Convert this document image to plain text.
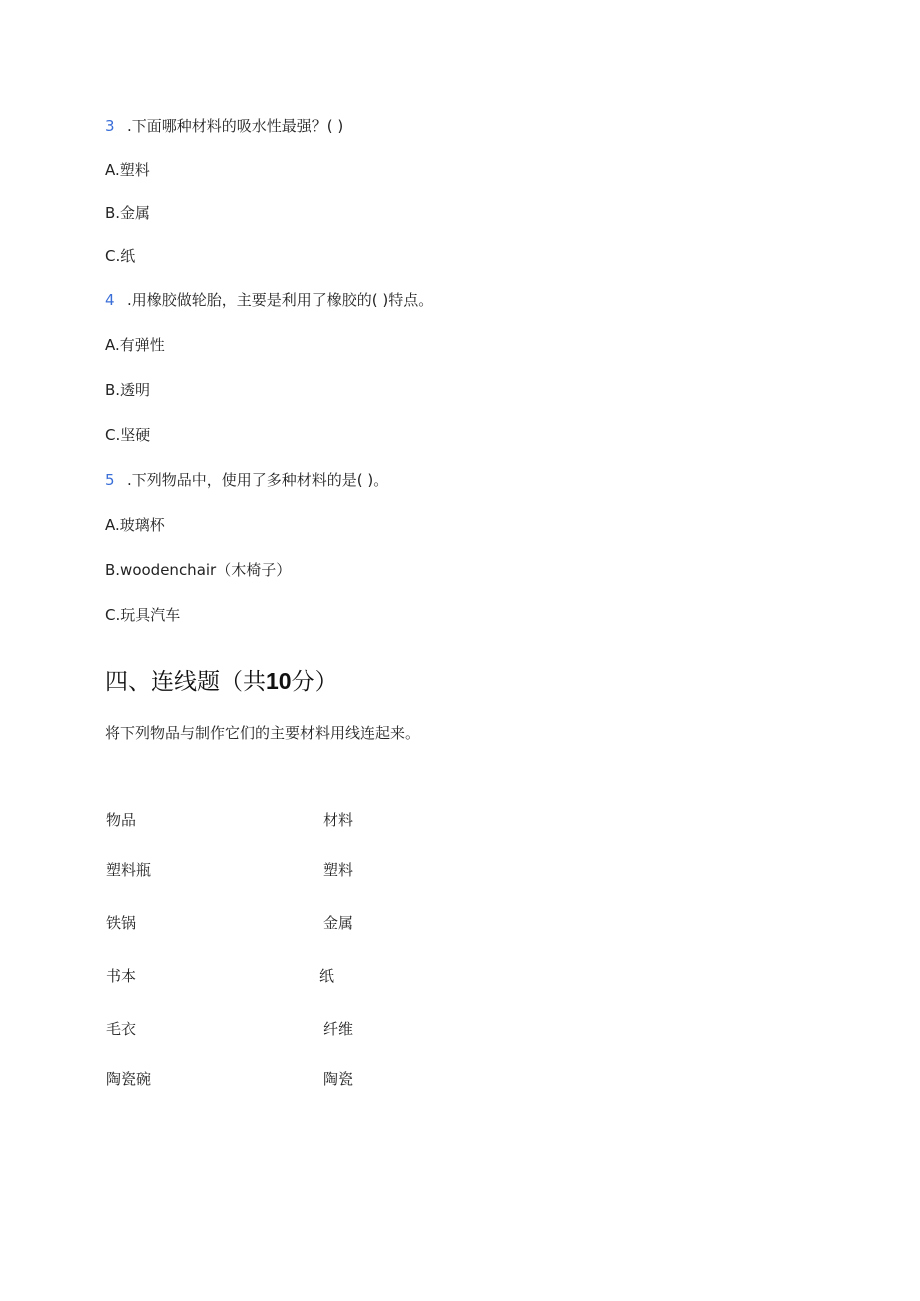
3 .下面哪种材料的吸水性最强？( )
A.塑料
B.金属
C.纸
4 .用橡胶做轮胎，主要是利用了橡胶的( )特点。
A.有弹性
B.透明
C.坚硬
5 .下列物品中，使用了多种材料的是( )。
A.玻璃杯
B.woodenchair（木椅子）
C.玩具汽车
四、连线题（共10分）
将下列物品与制作它们的主要材料用线连起来。
物品	材料
塑料瓶	塑料
铁锅	金属
书本	纸
毛衣	纤维
陶瓷碗	陶瓷
